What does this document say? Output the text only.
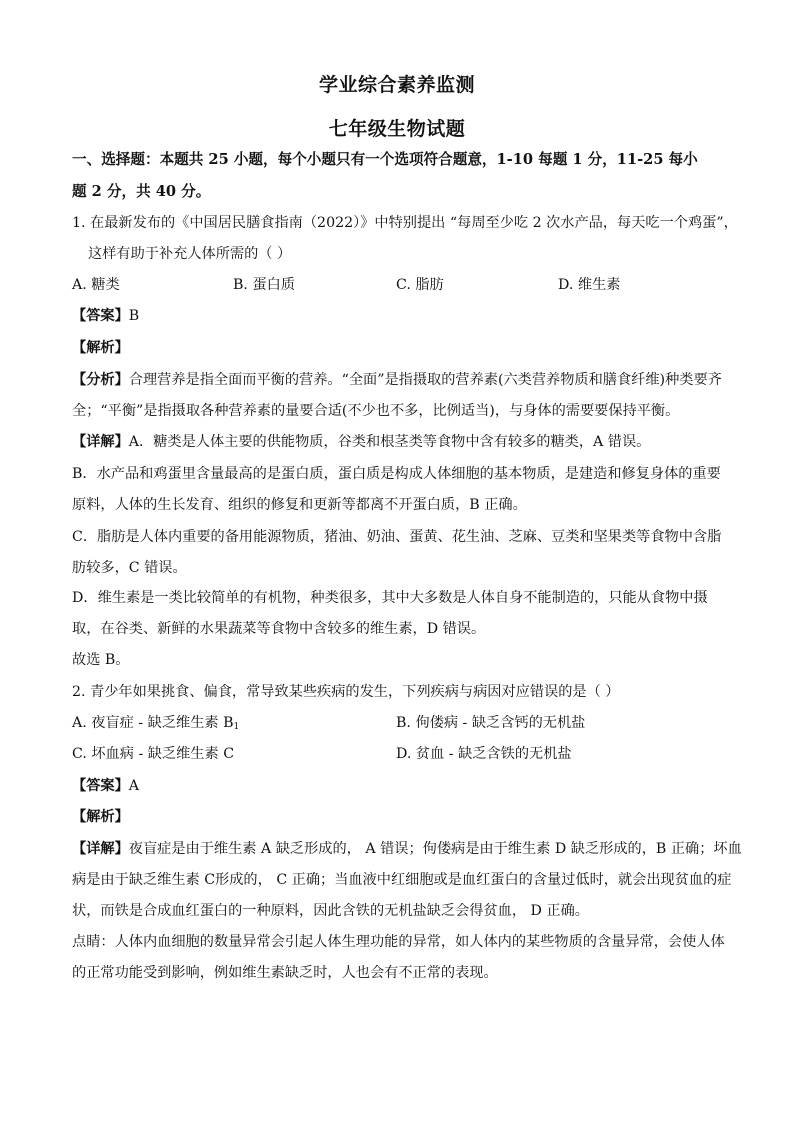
学业综合素养监测
七年级生物试题
一、选择题：本题共 25 小题，每个小题只有一个选项符合题意，1-10 每题 1 分，11-25 每小
题 2 分，共 40 分。
1. 在最新发布的《中国居民膳食指南（2022）》中特别提出 “每周至少吃 2 次水产品，每天吃一个鸡蛋”，
这样有助于补充人体所需的（ ）
A. 糖类	B. 蛋白质	C. 脂肪	D. 维生素
【答案】B
【解析】
【分析】合理营养是指全面而平衡的营养。“全面”是指摄取的营养素(六类营养物质和膳食纤维)种类要齐
全；“平衡”是指摄取各种营养素的量要合适(不少也不多，比例适当)，与身体的需要要保持平衡。
【详解】A．糖类是人体主要的供能物质，谷类和根茎类等食物中含有较多的糖类，A 错误。
B．水产品和鸡蛋里含量最高的是蛋白质，蛋白质是构成人体细胞的基本物质，是建造和修复身体的重要
原料，人体的生长发育、组织的修复和更新等都离不开蛋白质，B 正确。
C．脂肪是人体内重要的备用能源物质，猪油、奶油、蛋黄、花生油、芝麻、豆类和坚果类等食物中含脂
肪较多，C 错误。
D．维生素是一类比较简单的有机物，种类很多，其中大多数是人体自身不能制造的，只能从食物中摄
取，在谷类、新鲜的水果蔬菜等食物中含较多的维生素，D 错误。
故选 B。
2. 青少年如果挑食、偏食，常导致某些疾病的发生，下列疾病与病因对应错误的是（ ）
A. 夜盲症 - 缺乏维生素 $B_1$	B. 佝偻病 - 缺乏含钙的无机盐
C. 坏血病 - 缺乏维生素 C	D. 贫血 - 缺乏含铁的无机盐
【答案】A
【解析】
【详解】夜盲症是由于维生素 A 缺乏形成的， A 错误；佝偻病是由于维生素 D 缺乏形成的，B 正确；坏血
病是由于缺乏维生素 C形成的， C 正确；当血液中红细胞或是血红蛋白的含量过低时，就会出现贫血的症
状，而铁是合成血红蛋白的一种原料，因此含铁的无机盐缺乏会得贫血， D 正确。
点睛：人体内血细胞的数量异常会引起人体生理功能的异常，如人体内的某些物质的含量异常，会使人体
的正常功能受到影响，例如维生素缺乏时，人也会有不正常的表现。
